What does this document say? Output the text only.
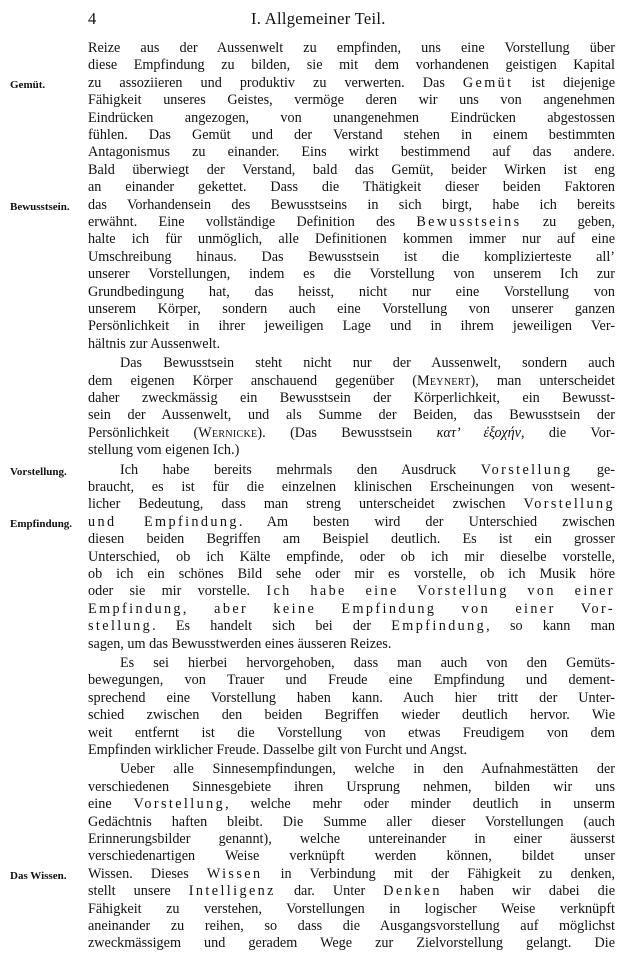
4	I. Allgemeiner Teil.
Gemüt.
Bewusstsein.
Vorstellung.
Empfindung.
Das Wissen.
Reize aus der Aussenwelt zu empfinden, uns eine Vorstellung über
diese Empfindung zu bilden, sie mit dem vorhandenen geistigen Kapital
zu assoziieren und produktiv zu verwerten. Das Gemüt ist diejenige
Fähigkeit unseres Geistes, vermöge deren wir uns von angenehmen
Eindrücken angezogen, von unangenehmen Eindrücken abgestossen
fühlen. Das Gemüt und der Verstand stehen in einem bestimmten
Antagonismus zu einander. Eins wirkt bestimmend auf das andere.
Bald überwiegt der Verstand, bald das Gemüt, beider Wirken ist eng
an einander gekettet. Dass die Thätigkeit dieser beiden Faktoren
das Vorhandensein des Bewusstseins in sich birgt, habe ich bereits
erwähnt. Eine vollständige Definition des Bewusstseins zu geben,
halte ich für unmöglich, alle Definitionen kommen immer nur auf eine
Umschreibung hinaus. Das Bewusstsein ist die komplizierteste all’
unserer Vorstellungen, indem es die Vorstellung von unserem Ich zur
Grundbedingung hat, das heisst, nicht nur eine Vorstellung von
unserem Körper, sondern auch eine Vorstellung von unserer ganzen
Persönlichkeit in ihrer jeweiligen Lage und in ihrem jeweiligen Ver-
hältnis zur Aussenwelt.
Das Bewusstsein steht nicht nur der Aussenwelt, sondern auch
dem eigenen Körper anschauend gegenüber (Meynert), man unterscheidet
daher zweckmässig ein Bewusstsein der Körperlichkeit, ein Bewusst-
sein der Aussenwelt, und als Summe der Beiden, das Bewusstsein der
Persönlichkeit (Wernicke). (Das Bewusstsein κατ’ ἐξοχήν, die Vor-
stellung vom eigenen Ich.)
Ich habe bereits mehrmals den Ausdruck Vorstellung ge-
braucht, es ist für die einzelnen klinischen Erscheinungen von wesent-
licher Bedeutung, dass man streng unterscheidet zwischen Vorstellung
und Empfindung. Am besten wird der Unterschied zwischen
diesen beiden Begriffen am Beispiel deutlich. Es ist ein grosser
Unterschied, ob ich Kälte empfinde, oder ob ich mir dieselbe vorstelle,
ob ich ein schönes Bild sehe oder mir es vorstelle, ob ich Musik höre
oder sie mir vorstelle. Ich habe eine Vorstellung von einer
Empfindung, aber keine Empfindung von einer Vor-
stellung. Es handelt sich bei der Empfindung, so kann man
sagen, um das Bewusstwerden eines äusseren Reizes.
Es sei hierbei hervorgehoben, dass man auch von den Gemüts-
bewegungen, von Trauer und Freude eine Empfindung und dement-
sprechend eine Vorstellung haben kann. Auch hier tritt der Unter-
schied zwischen den beiden Begriffen wieder deutlich hervor. Wie
weit entfernt ist die Vorstellung von etwas Freudigem von dem
Empfinden wirklicher Freude. Dasselbe gilt von Furcht und Angst.
Ueber alle Sinnesempfindungen, welche in den Aufnahmestätten der
verschiedenen Sinnesgebiete ihren Ursprung nehmen, bilden wir uns
eine Vorstellung, welche mehr oder minder deutlich in unserm
Gedächtnis haften bleibt. Die Summe aller dieser Vorstellungen (auch
Erinnerungsbilder genannt), welche untereinander in einer äusserst
verschiedenartigen Weise verknüpft werden können, bildet unser
Wissen. Dieses Wissen in Verbindung mit der Fähigkeit zu denken,
stellt unsere Intelligenz dar. Unter Denken haben wir dabei die
Fähigkeit zu verstehen, Vorstellungen in logischer Weise verknüpft
aneinander zu reihen, so dass die Ausgangsvorstellung auf möglichst
zweckmässigem und geradem Wege zur Zielvorstellung gelangt. Die
